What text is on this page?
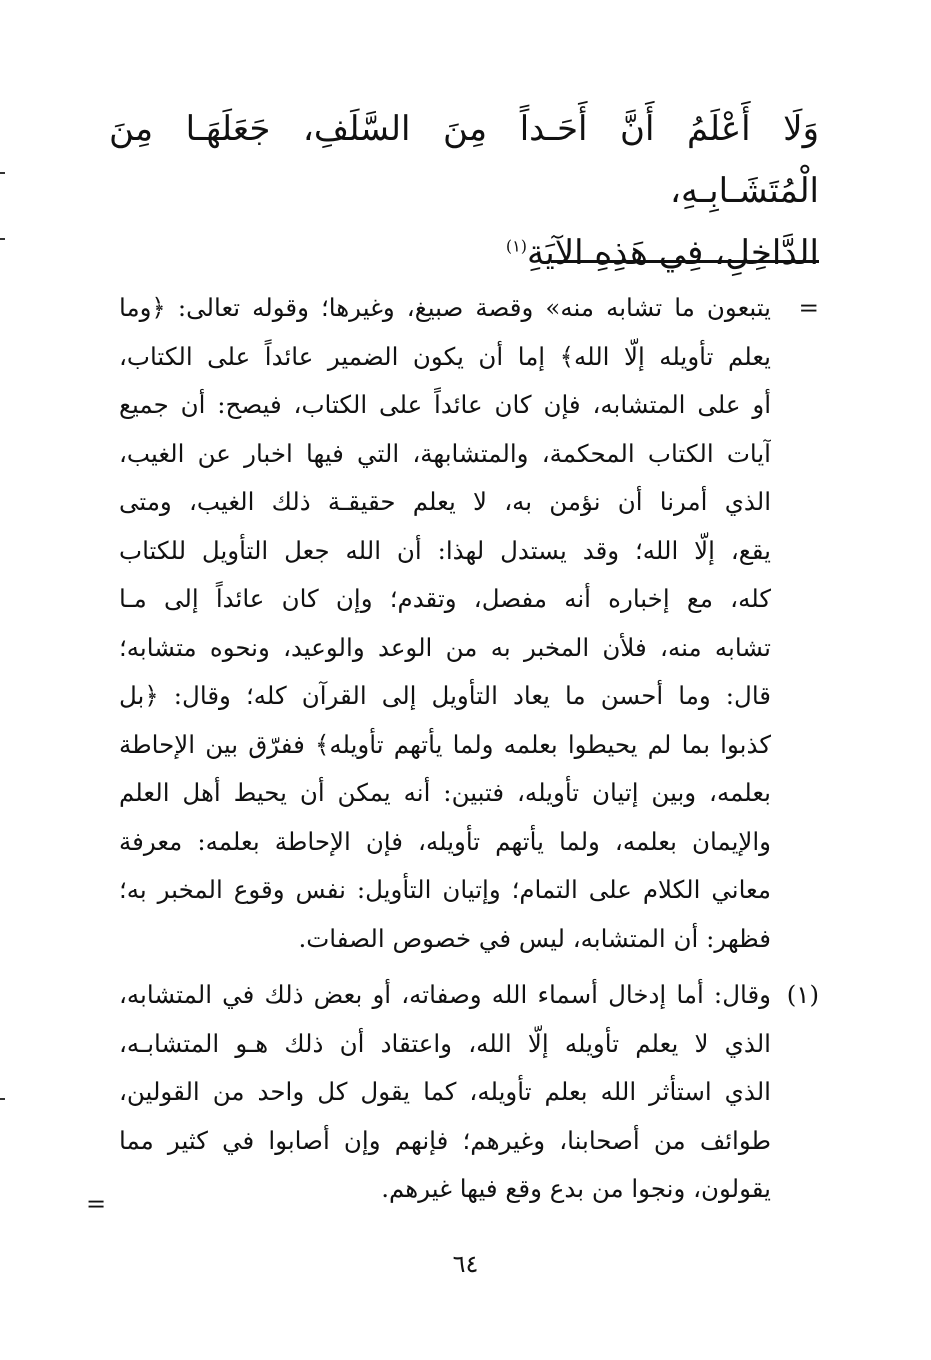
وَلَا أَعْلَمُ أَنَّ أَحَـداً مِنَ السَّلَفِ، جَعَلَهَـا مِنَ الْمُتَشَـابِـهِ،

الدَّاخِلِ، فِي هَذِهِ الآيَةِ$^{(١)}$

=
يتبعون ما تشابه منه» وقصة صبيغ، وغيرها؛ وقوله تعالى: ﴿وما
يعلم تأويله إلّا الله﴾ إما أن يكون الضمير عائداً على الكتاب،
أو على المتشابه، فإن كان عائداً على الكتاب، فيصح: أن جميع
آيات الكتاب المحكمة، والمتشابهة، التي فيها اخبار عن الغيب،
الذي أمرنا أن نؤمن به، لا يعلم حقيقـة ذلك الغيب، ومتى
يقع، إلّا الله؛ وقد يستدل لهذا: أن الله جعل التأويل للكتاب
كله، مع إخباره أنه مفصل، وتقدم؛ وإن كان عائداً إلى مـا
تشابه منه، فلأن المخبر به من الوعد والوعيد، ونحوه متشابه؛
قال: وما أحسن ما يعاد التأويل إلى القرآن كله؛ وقال: ﴿بل
كذبوا بما لم يحيطوا بعلمه ولما يأتهم تأويله﴾ ففرّق بين الإحاطة
بعلمه، وبين إتيان تأويله، فتبين: أنه يمكن أن يحيط أهل العلم
والإيمان بعلمه، ولما يأتهم تأويله، فإن الإحاطة بعلمه: معرفة
معاني الكلام على التمام؛ وإتيان التأويل: نفس وقوع المخبر به؛
فظهر: أن المتشابه، ليس في خصوص الصفات.
(١)
وقال: أما إدخال أسماء الله وصفاته، أو بعض ذلك في المتشابه،
الذي لا يعلم تأويله إلّا الله، واعتقاد أن ذلك هـو المتشابـه،
الذي استأثر الله بعلم تأويله، كما يقول كل واحد من القولين،
طوائف من أصحابنا، وغيرهم؛ فإنهم وإن أصابوا في كثير مما
يقولون، ونجوا من بدع وقع فيها غيرهم.
=
٦٤
